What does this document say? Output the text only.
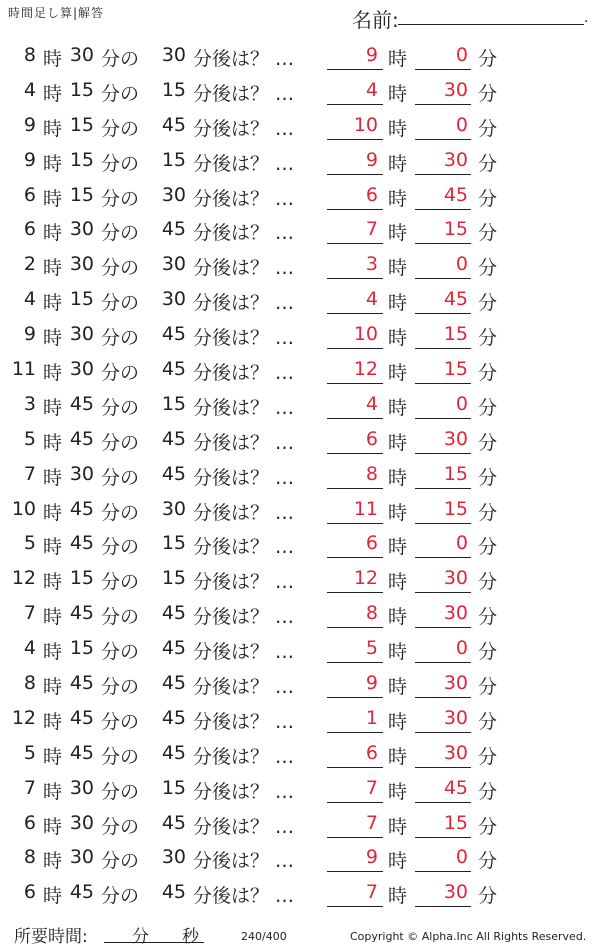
時間足し算|解答	名前:	.
8 時 30 分の 30 分後は？ …	9 時	0 分
4 時 15 分の 15 分後は？ …	4 時 30 分
9 時 15 分の 45 分後は？ …	10 時	0 分
9 時 15 分の 15 分後は？ …	9 時 30 分
6 時 15 分の 30 分後は？ …	6 時 45 分
6 時 30 分の 45 分後は？ …	7 時 15 分
2 時 30 分の 30 分後は？ …	3 時	0 分
4 時 15 分の 30 分後は？ …	4 時 45 分
9 時 30 分の 45 分後は？ …	10 時 15 分
11 時 30 分の 45 分後は？ …	12 時 15 分
3 時 45 分の 15 分後は？ …	4 時	0 分
5 時 45 分の 45 分後は？ …	6 時 30 分
7 時 30 分の 45 分後は？ …	8 時 15 分
10 時 45 分の 30 分後は？ …	11 時 15 分
5 時 45 分の 15 分後は？ …	6 時	0 分
12 時 15 分の 15 分後は？ …	12 時 30 分
7 時 45 分の 45 分後は？ …	8 時 30 分
4 時 15 分の 45 分後は？ …	5 時	0 分
8 時 45 分の 45 分後は？ …	9 時 30 分
12 時 45 分の 45 分後は？ …	1 時 30 分
5 時 45 分の 45 分後は？ …	6 時 30 分
7 時 30 分の 15 分後は？ …	7 時 45 分
6 時 30 分の 45 分後は？ …	7 時 15 分
8 時 30 分の 30 分後は？ …	9 時	0 分
6 時 45 分の 45 分後は？ …	7 時 30 分
所要時間:	分 秒	240/400	Copyright © Alpha.Inc All Rights Reserved.
